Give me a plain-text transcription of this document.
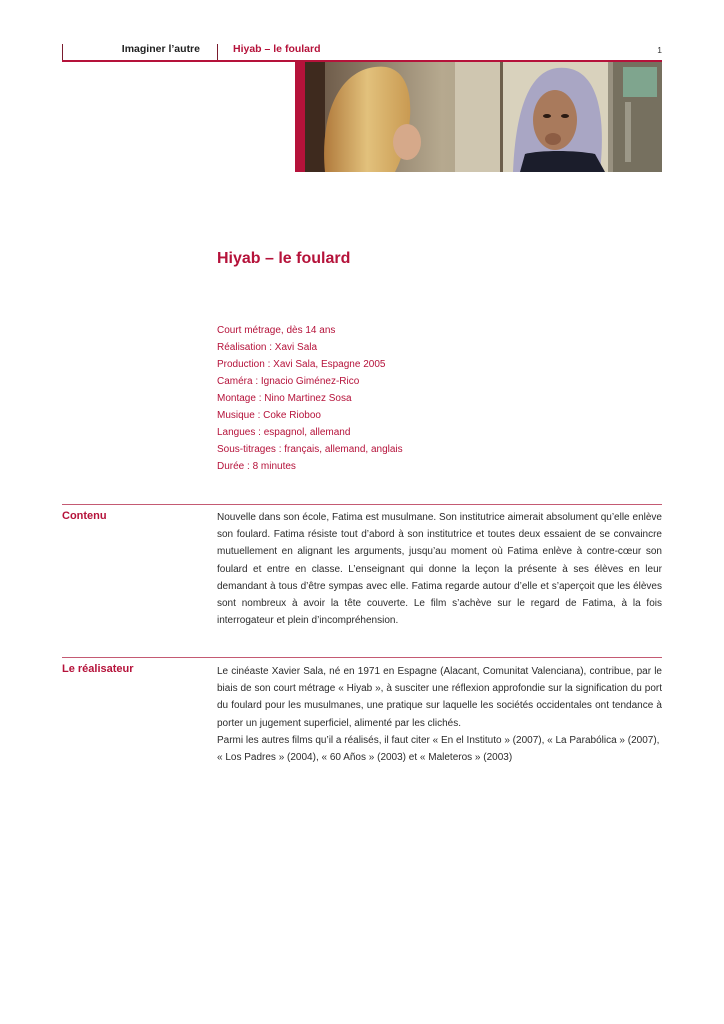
Imaginer l’autre	Hiyab – le foulard	1
Hiyab – le foulard
Court métrage, dès 14 ans
Réalisation : Xavi Sala
Production : Xavi Sala, Espagne 2005
Caméra : Ignacio Giménez-Rico
Montage : Nino Martinez Sosa
Musique : Coke Rioboo
Langues : espagnol, allemand
Sous-titrages : français, allemand, anglais
Durée : 8 minutes
Contenu	Nouvelle dans son école, Fatima est musulmane. Son institutrice aimerait absolument qu’elle enlève son foulard. Fatima résiste tout d’abord à son institutrice et toutes deux essaient de se convaincre mutuellement en alignant les arguments, jusqu’au moment où Fatima enlève à contre-cœur son foulard et entre en classe. L’enseignant qui donne la leçon la présente à ses élèves en leur demandant à tous d’être sympas avec elle. Fatima regarde autour d’elle et s’aperçoit que les élèves sont nombreux à avoir la tête couverte. Le film s’achève sur le regard de Fatima, à la fois interrogateur et plein d’incompréhension.

Le réalisateur	Le cinéaste Xavier Sala, né en 1971 en Espagne (Alacant, Comunitat Valenciana), contribue, par le biais de son court métrage « Hiyab », à susciter une réflexion approfondie sur la signification du port du foulard pour les musulmanes, une pratique sur laquelle les sociétés occidentales ont tendance à porter un jugement superficiel, alimenté par les clichés.

Parmi les autres films qu’il a réalisés, il faut citer « En el Instituto » (2007), « La Parabólica » (2007), « Los Padres » (2004), « 60 Años » (2003) et « Maleteros » (2003)
